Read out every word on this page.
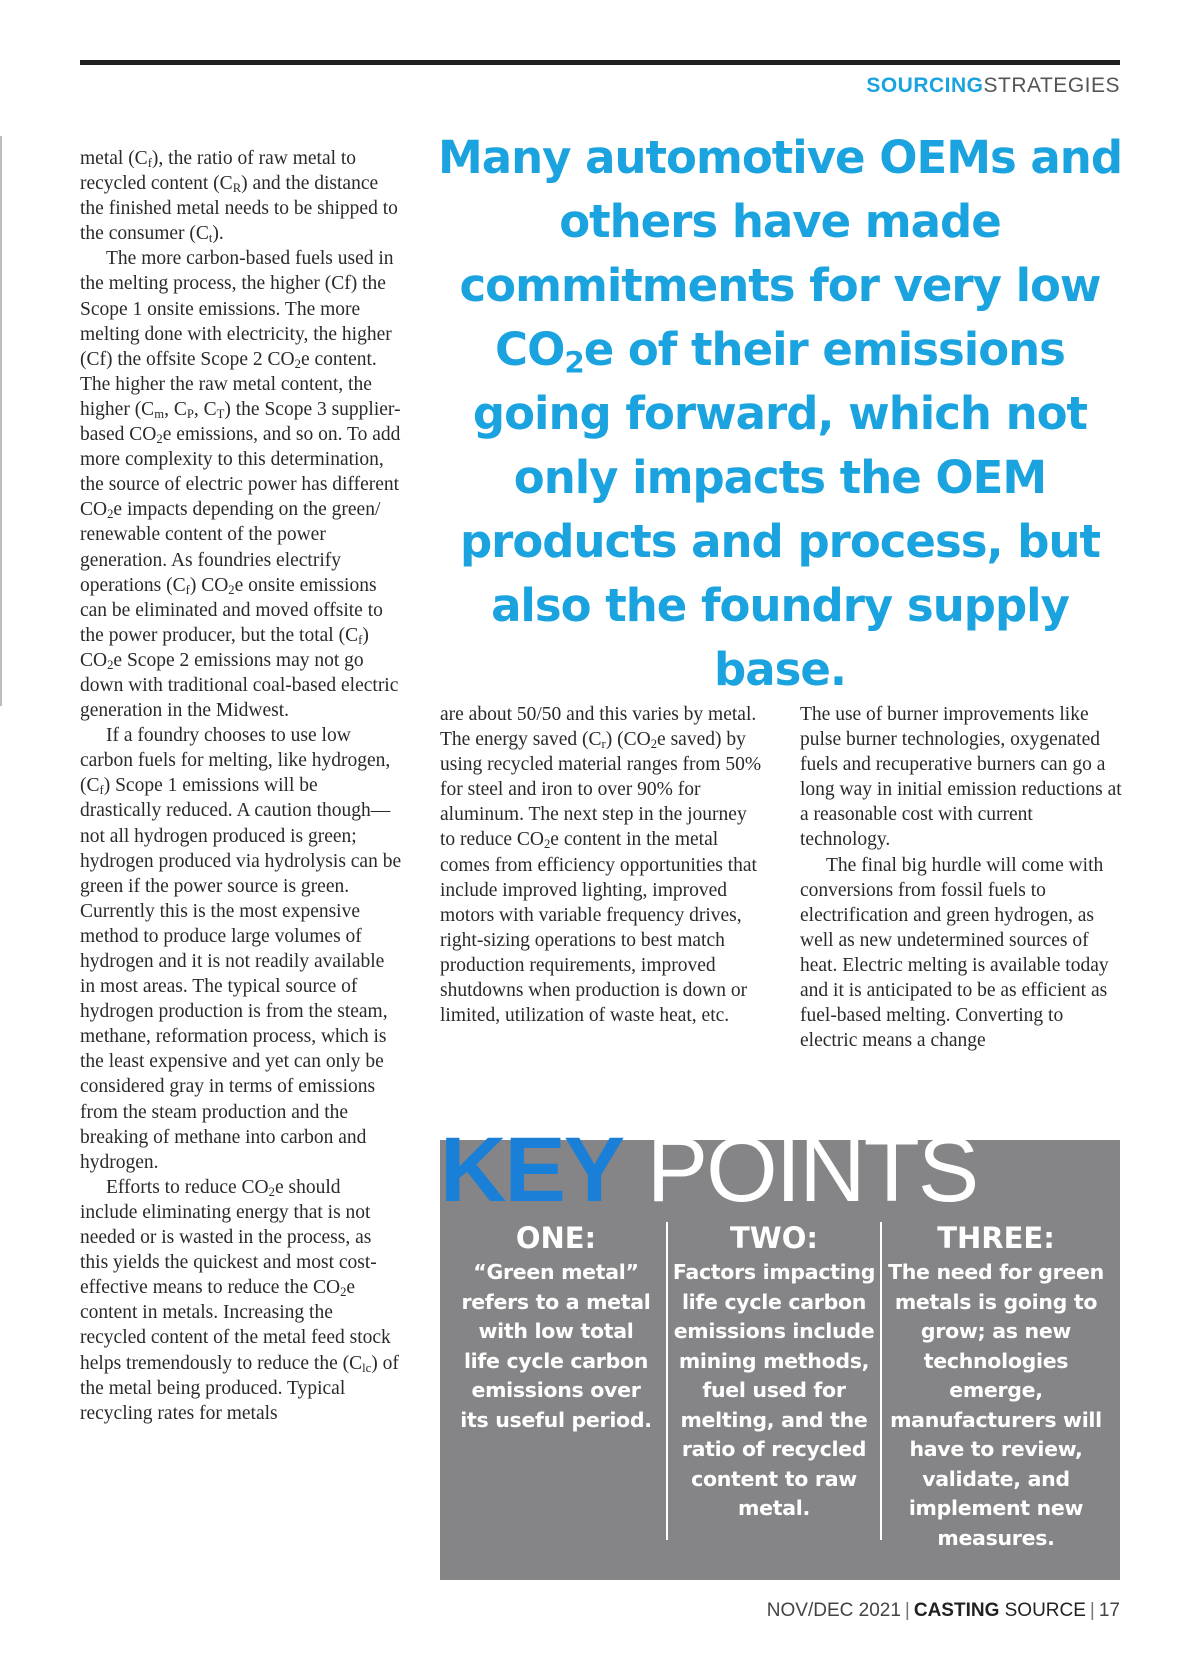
SOURCINGSTRATEGIES

metal $(C_f)$, the ratio of raw metal to recycled content $(C_R)$ and the distance the finished metal needs to be shipped to the consumer $(C_t)$.

The more carbon-based fuels used in the melting process, the higher (Cf) the Scope 1 onsite emissions. The more melting done with electricity, the higher (Cf) the offsite Scope 2 $CO_2e$ content. The higher the raw metal content, the higher ($C_m$, $C_P$, $C_T$) the Scope 3 supplier-based $CO_2e$ emissions, and so on. To add more complexity to this determination, the source of electric power has different $CO_2e$ impacts depending on the green/ renewable content of the power generation. As foundries electrify operations $(C_f)$ $CO_2e$ onsite emissions can be eliminated and moved offsite to the power producer, but the total $(C_f)$ $CO_2e$ Scope 2 emissions may not go down with traditional coal-based electric generation in the Midwest.

If a foundry chooses to use low carbon fuels for melting, like hydrogen, $(C_f)$ Scope 1 emissions will be drastically reduced. A caution though—not all hydrogen produced is green; hydrogen produced via hydrolysis can be green if the power source is green. Currently this is the most expensive method to produce large volumes of hydrogen and it is not readily available in most areas. The typical source of hydrogen production is from the steam, methane, reformation process, which is the least expensive and yet can only be considered gray in terms of emissions from the steam production and the breaking of methane into carbon and hydrogen.

Efforts to reduce $CO_2e$ should include eliminating energy that is not needed or is wasted in the process, as this yields the quickest and most cost-effective means to reduce the $CO_2e$ content in metals. Increasing the recycled content of the metal feed stock helps tremendously to reduce the $(C_{lc})$ of the metal being produced. Typical recycling rates for metals

Many automotive OEMs and
others have made
commitments for very low
$CO_2e$ of their emissions
going forward, which not
only impacts the OEM
products and process, but
also the foundry supply base.

are about 50/50 and this varies by metal. The energy saved $(C_r)$ ($CO_2e$ saved) by using recycled material ranges from 50% for steel and iron to over 90% for aluminum. The next step in the journey to reduce $CO_2e$ content in the metal comes from efficiency opportunities that include improved lighting, improved motors with variable frequency drives, right-sizing operations to best match production requirements, improved shutdowns when production is down or limited, utilization of waste heat, etc.

The use of burner improvements like pulse burner technologies, oxygenated fuels and recuperative burners can go a long way in initial emission reductions at a reasonable cost with current technology.

The final big hurdle will come with conversions from fossil fuels to electrification and green hydrogen, as well as new undetermined sources of heat. Electric melting is available today and it is anticipated to be as efficient as fuel-based melting. Converting to electric means a change

KEY POINTS
ONE:
“Green metal” refers to a metal with low total life cycle carbon emissions over its useful period.
TWO:
Factors impacting life cycle carbon emissions include mining methods, fuel used for melting, and the ratio of recycled content to raw metal.
THREE:
The need for green metals is going to grow; as new technologies emerge, manufacturers will have to review, validate, and implement new measures.
NOV/DEC 2021 | CASTING SOURCE | 17
